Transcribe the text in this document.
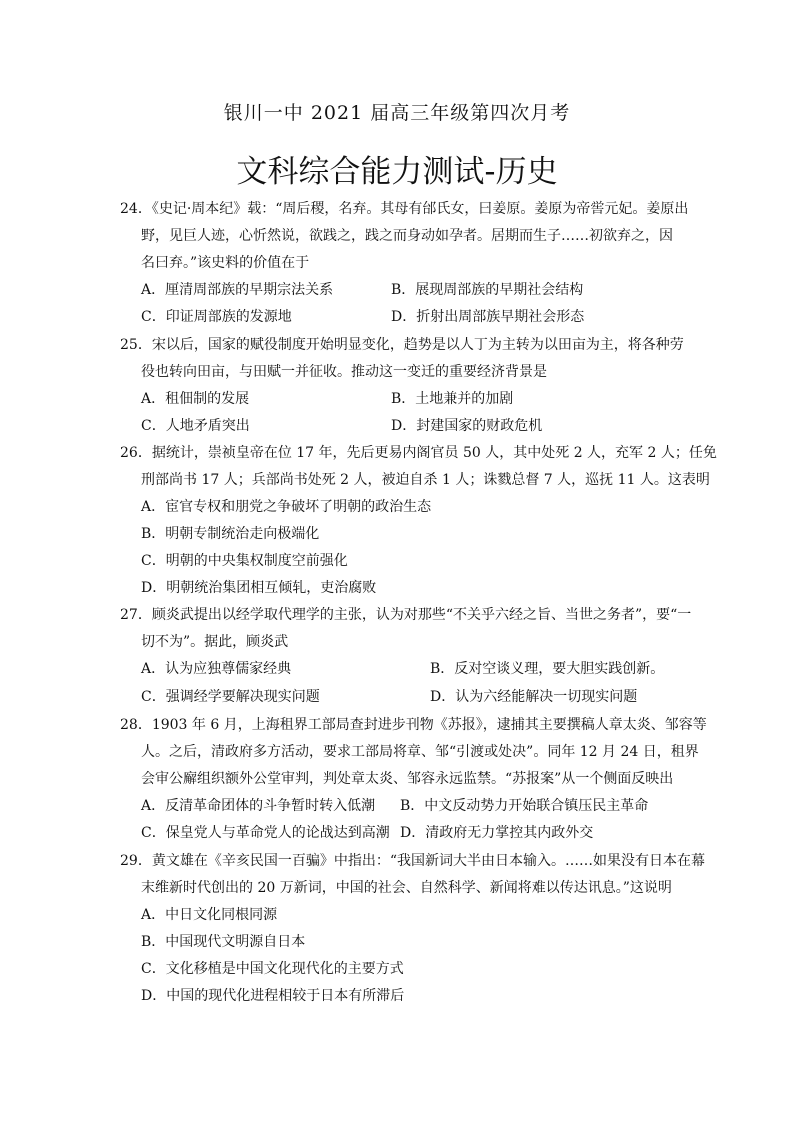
银川一中 2021 届高三年级第四次月考
文科综合能力测试-历史
24．《史记·周本纪》载：“周后稷，名弃。其母有邰氏女，曰姜原。姜原为帝喾元妃。姜原出
野，见巨人迹，心忻然说，欲践之，践之而身动如孕者。居期而生子……初欲弃之，因
名曰弃。”该史料的价值在于
A．厘清周部族的早期宗法关系	B．展现周部族的早期社会结构
C．印证周部族的发源地	D．折射出周部族早期社会形态
25．宋以后，国家的赋役制度开始明显变化，趋势是以人丁为主转为以田亩为主，将各种劳
役也转向田亩，与田赋一并征收。推动这一变迁的重要经济背景是
A．租佃制的发展	B．土地兼并的加剧
C．人地矛盾突出	D．封建国家的财政危机
26．据统计，崇祯皇帝在位 17 年，先后更易内阁官员 50 人，其中处死 2 人，充军 2 人；任免
刑部尚书 17 人；兵部尚书处死 2 人，被迫自杀 1 人；诛戮总督 7 人，巡抚 11 人。这表明
A．宦官专权和朋党之争破坏了明朝的政治生态
B．明朝专制统治走向极端化
C．明朝的中央集权制度空前强化
D．明朝统治集团相互倾轧，吏治腐败
27．顾炎武提出以经学取代理学的主张，认为对那些“不关乎六经之旨、当世之务者”，要“一
切不为”。据此，顾炎武
A．认为应独尊儒家经典	B．反对空谈义理，要大胆实践创新。
C．强调经学要解决现实问题	D．认为六经能解决一切现实问题
28．1903 年 6 月，上海租界工部局查封进步刊物《苏报》，逮捕其主要撰稿人章太炎、邹容等
人。之后，清政府多方活动，要求工部局将章、邹“引渡或处决”。同年 12 月 24 日，租界
会审公廨组织额外公堂审判，判处章太炎、邹容永远监禁。“苏报案”从一个侧面反映出
A．反清革命团体的斗争暂时转入低潮 B．中文反动势力开始联合镇压民主革命
C．保皇党人与革命党人的论战达到高潮 D．清政府无力掌控其内政外交
29．黄文雄在《辛亥民国一百骗》中指出：“我国新词大半由日本输入。……如果没有日本在幕
末维新时代创出的 20 万新词，中国的社会、自然科学、新闻将难以传达讯息。”这说明
A．中日文化同根同源
B．中国现代文明源自日本
C．文化移植是中国文化现代化的主要方式
D．中国的现代化进程相较于日本有所滞后
